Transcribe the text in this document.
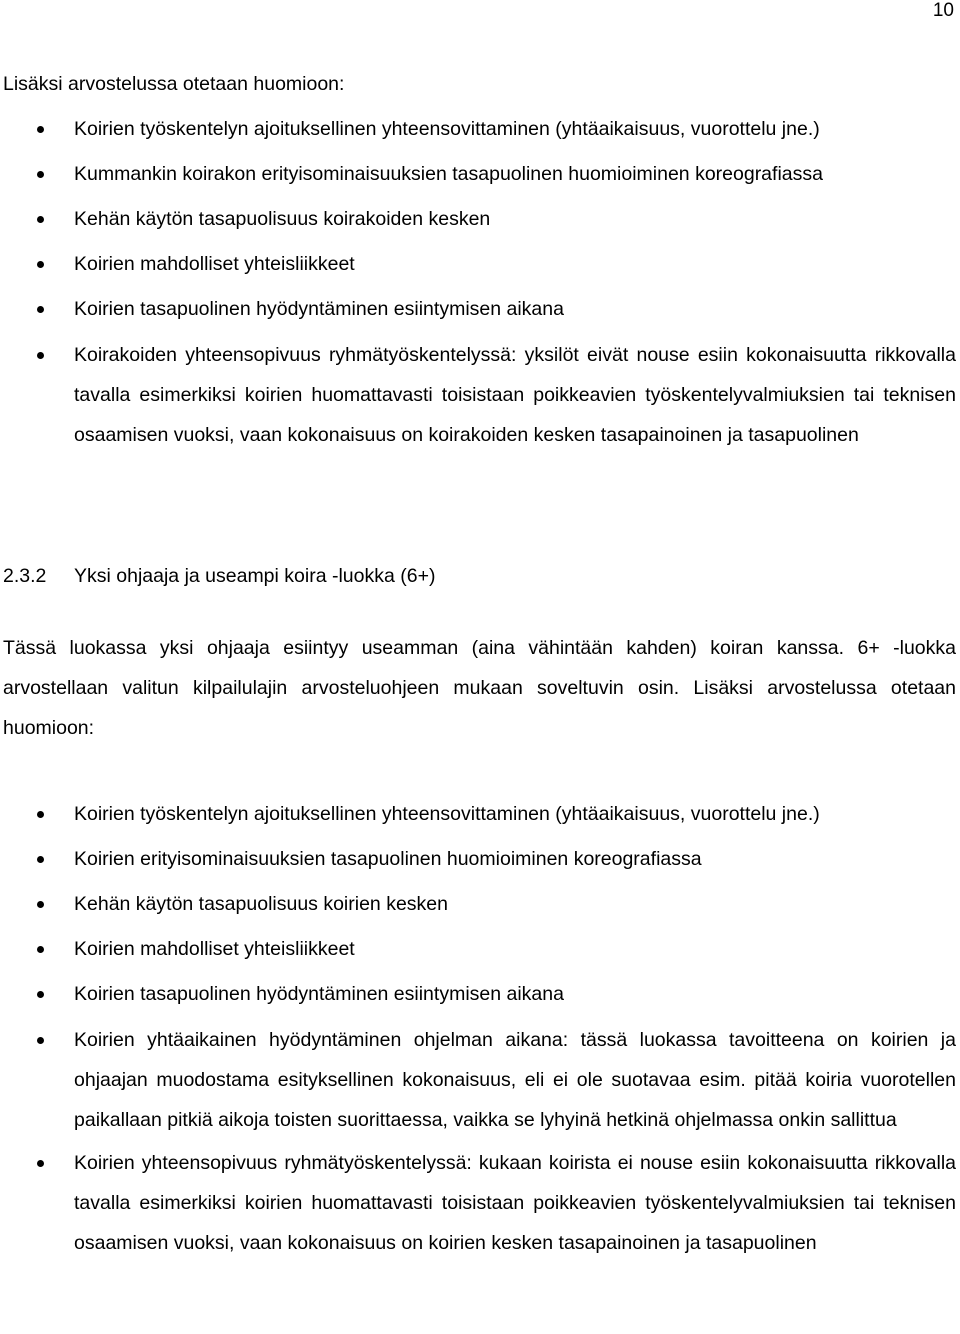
10

Lisäksi arvostelussa otetaan huomioon:

Koirien työskentelyn ajoituksellinen yhteensovittaminen (yhtäaikaisuus, vuorottelu jne.)
Kummankin koirakon erityisominaisuuksien tasapuolinen huomioiminen koreografiassa
Kehän käytön tasapuolisuus koirakoiden kesken
Koirien mahdolliset yhteisliikkeet
Koirien tasapuolinen hyödyntäminen esiintymisen aikana
Koirakoiden yhteensopivuus ryhmätyöskentelyssä: yksilöt eivät nouse esiin kokonaisuutta rikkovalla tavalla esimerkiksi koirien huomattavasti toisistaan poikkeavien työskentelyvalmiuksien tai teknisen osaamisen vuoksi, vaan kokonaisuus on koirakoiden kesken tasapainoinen ja tasapuolinen
2.3.2 Yksi ohjaaja ja useampi koira -luokka (6+)

Tässä luokassa yksi ohjaaja esiintyy useamman (aina vähintään kahden) koiran kanssa. 6+ -luokka arvostellaan valitun kilpailulajin arvosteluohjeen mukaan soveltuvin osin. Lisäksi arvostelussa otetaan huomioon:

Koirien työskentelyn ajoituksellinen yhteensovittaminen (yhtäaikaisuus, vuorottelu jne.)
Koirien erityisominaisuuksien tasapuolinen huomioiminen koreografiassa
Kehän käytön tasapuolisuus koirien kesken
Koirien mahdolliset yhteisliikkeet
Koirien tasapuolinen hyödyntäminen esiintymisen aikana
Koirien yhtäaikainen hyödyntäminen ohjelman aikana: tässä luokassa tavoitteena on koirien ja ohjaajan muodostama esityksellinen kokonaisuus, eli ei ole suotavaa esim. pitää koiria vuorotellen paikallaan pitkiä aikoja toisten suorittaessa, vaikka se lyhyinä hetkinä ohjelmassa onkin sallittua
Koirien yhteensopivuus ryhmätyöskentelyssä: kukaan koirista ei nouse esiin kokonaisuutta rikkovalla tavalla esimerkiksi koirien huomattavasti toisistaan poikkeavien työskentelyvalmiuksien tai teknisen osaamisen vuoksi, vaan kokonaisuus on koirien kesken tasapainoinen ja tasapuolinen
